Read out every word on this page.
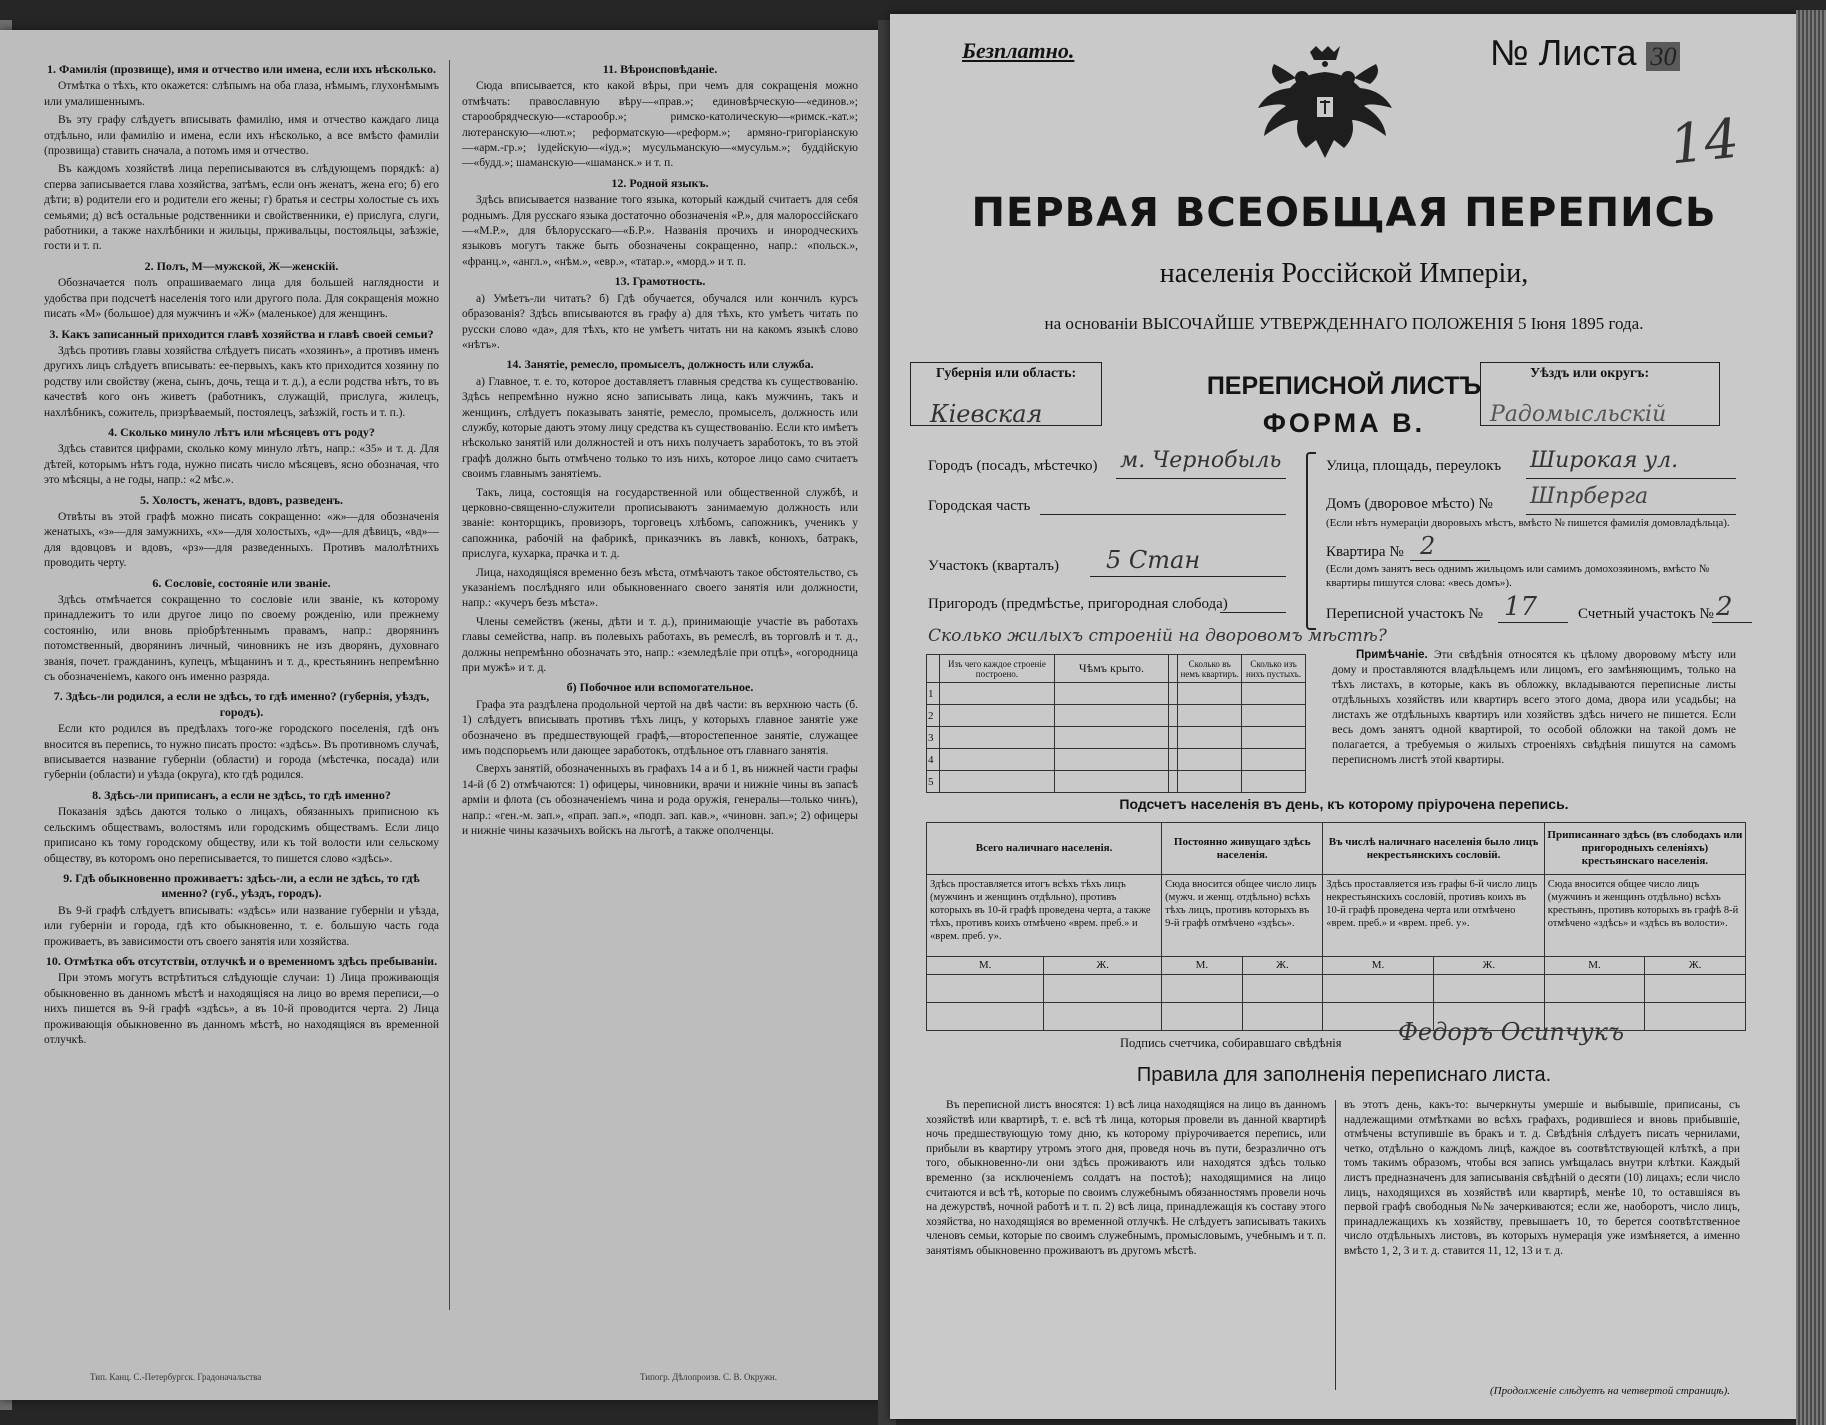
1. Фамилія (прозвище), имя и отчество или имена, если ихъ нѣсколько.

Отмѣтка о тѣхъ, кто окажется: слѣпымъ на оба глаза, нѣмымъ, глухонѣмымъ или умалишеннымъ.

Въ эту графу слѣдуетъ вписывать фамилію, имя и отчество каждаго лица отдѣльно, или фамилію и имена, если ихъ нѣсколько, а все вмѣсто фамиліи (прозвища) ставить сначала, а потомъ имя и отчество.

Въ каждомъ хозяйствѣ лица переписываются въ слѣдующемъ порядкѣ: а) сперва записывается глава хозяйства, затѣмъ, если онъ женатъ, жена его; б) его дѣти; в) родители его и родители его жены; г) братья и сестры холостые съ ихъ семьями; д) всѣ остальные родственники и свойственники, е) прислуга, слуги, работники, а также нахлѣбники и жильцы, прживальцы, постояльцы, заѣзжіе, гости и т. п.

2. Полъ, М—мужской, Ж—женскій.

Обозначается полъ опрашиваемаго лица для большей наглядности и удобства при подсчетѣ населенія того или другого пола. Для сокращенія можно писать «М» (большое) для мужчинъ и «Ж» (маленькое) для женщинъ.

3. Какъ записанный приходится главѣ хозяйства и главѣ своей семьи?

Здѣсь противъ главы хозяйства слѣдуетъ писать «хозяинъ», а противъ именъ другихъ лицъ слѣдуетъ вписывать: ее-первыхъ, какъ кто приходится хозяину по родству или свойству (жена, сынъ, дочь, теща и т. д.), а если родства нѣтъ, то въ качествѣ кого онъ живетъ (работникъ, служащій, прислуга, жилецъ, нахлѣбникъ, сожитель, призрѣваемый, постоялецъ, заѣзжій, гость и т. п.).

4. Сколько минуло лѣтъ или мѣсяцевъ отъ роду?

Здѣсь ставится цифрами, сколько кому минуло лѣтъ, напр.: «35» и т. д. Для дѣтей, которымъ нѣтъ года, нужно писать число мѣсяцевъ, ясно обозначая, что это мѣсяцы, а не годы, напр.: «2 мѣс.».

5. Холостъ, женатъ, вдовъ, разведенъ.

Отвѣты въ этой графѣ можно писать сокращенно: «ж»—для обозначенія женатыхъ, «з»—для замужнихъ, «х»—для холостыхъ, «д»—для дѣвицъ, «вд»—для вдовцовъ и вдовъ, «рз»—для разведенныхъ. Противъ малолѣтнихъ проводить черту.

6. Сословіе, состояніе или званіе.

Здѣсь отмѣчается сокращенно то сословіе или званіе, къ которому принадлежитъ то или другое лицо по своему рожденію, или прежнему состоянію, или вновь пріобрѣтеннымъ правамъ, напр.: дворянинъ потомственный, дворянинъ личный, чиновникъ не изъ дворянъ, духовнаго званія, почет. гражданинъ, купецъ, мѣщанинъ и т. д., крестьянинъ непремѣнно съ обозначеніемъ, какого онъ именно разряда.

7. Здѣсь-ли родился, а если не здѣсь, то гдѣ именно? (губернія, уѣздъ, городъ).

Если кто родился въ предѣлахъ того-же городского поселенія, гдѣ онъ вносится въ перепись, то нужно писать просто: «здѣсь». Въ противномъ случаѣ, вписывается название губерніи (области) и города (мѣстечка, посада) или губерніи (области) и уѣзда (округа), кто гдѣ родился.

8. Здѣсь-ли приписанъ, а если не здѣсь, то гдѣ именно?

Показанія здѣсь даются только о лицахъ, обязанныхъ приписною къ сельскимъ обществамъ, волостямъ или городскимъ обществамъ. Если лицо приписано къ тому городскому обществу, или къ той волости или сельскому обществу, въ которомъ оно переписывается, то пишется слово «здѣсь».

9. Гдѣ обыкновенно проживаетъ: здѣсь-ли, а если не здѣсь, то гдѣ именно? (губ., уѣздъ, городъ).

Въ 9-й графѣ слѣдуетъ вписывать: «здѣсь» или название губерніи и уѣзда, или губерніи и города, гдѣ кто обыкновенно, т. е. большую часть года проживаетъ, въ зависимости отъ своего занятія или хозяйства.

10. Отмѣтка объ отсутствіи, отлучкѣ и о временномъ здѣсь пребываніи.

При этомъ могутъ встрѣтиться слѣдующіе случаи: 1) Лица проживающія обыкновенно въ данномъ мѣстѣ и находящіяся на лицо во время переписи,—о нихъ пишется въ 9-й графѣ «здѣсь», а въ 10-й проводится черта. 2) Лица проживающія обыкновенно въ данномъ мѣстѣ, но находящіяся въ временной отлучкѣ.

11. Вѣроисповѣданіе.

Сюда вписывается, кто какой вѣры, при чемъ для сокращенія можно отмѣчать: православную вѣру—«прав.»; единовѣрческую—«единов.»; старообрядческую—«старообр.»; римско-католическую—«римск.-кат.»; лютеранскую—«лют.»; реформатскую—«реформ.»; армяно-григоріанскую—«арм.-гр.»; іудейскую—«іуд.»; мусульманскую—«мусульм.»; буддійскую—«будд.»; шаманскую—«шаманск.» и т. п.

12. Родной языкъ.

Здѣсь вписывается название того языка, который каждый считаетъ для себя роднымъ. Для русскаго языка достаточно обозначенія «Р.», для малороссійскаго—«М.Р.», для бѣлорусскаго—«Б.Р.». Названія прочихъ и инородческихъ языковъ могутъ также быть обозначены сокращенно, напр.: «польск.», «франц.», «англ.», «нѣм.», «евр.», «татар.», «морд.» и т. п.

13. Грамотность.

а) Умѣетъ-ли читать? б) Гдѣ обучается, обучался или кончилъ курсъ образованія? Здѣсь вписываются въ графу а) для тѣхъ, кто умѣетъ читать по русски слово «да», для тѣхъ, кто не умѣетъ читать ни на какомъ языкѣ слово «нѣтъ».

14. Занятіе, ремесло, промыселъ, должность или служба.

а) Главное, т. е. то, которое доставляетъ главныя средства къ существованію. Здѣсь непремѣнно нужно ясно записывать лица, какъ мужчинъ, такъ и женщинъ, слѣдуетъ показывать занятіе, ремесло, промыселъ, должность или службу, которые даютъ этому лицу средства къ существованію. Если кто имѣетъ нѣсколько занятій или должностей и отъ нихъ получаетъ заработокъ, то въ этой графѣ должно быть отмѣчено только то изъ нихъ, которое лицо само считаетъ своимъ главнымъ занятіемъ.

Такъ, лица, состоящія на государственной или общественной службѣ, и церковно-священно-служители прописываютъ занимаемую должность или званіе: конторщикъ, провизоръ, торговецъ хлѣбомъ, сапожникъ, ученикъ у сапожника, рабочій на фабрикѣ, приказчикъ въ лавкѣ, конюхъ, батракъ, прислуга, кухарка, прачка и т. д.

Лица, находящіяся временно безъ мѣста, отмѣчаютъ такое обстоятельство, съ указаніемъ послѣдняго или обыкновеннаго своего занятія или должности, напр.: «кучеръ безъ мѣста».

Члены семействъ (жены, дѣти и т. д.), принимающіе участіе въ работахъ главы семейства, напр. въ полевыхъ работахъ, въ ремеслѣ, въ торговлѣ и т. д., должны непремѣнно обозначать это, напр.: «земледѣліе при отцѣ», «огородница при мужѣ» и т. д.

б) Побочное или вспомогательное.

Графа эта раздѣлена продольной чертой на двѣ части: въ верхнюю часть (б. 1) слѣдуетъ вписывать противъ тѣхъ лицъ, у которыхъ главное занятіе уже обозначено въ предшествующей графѣ,—второстепенное занятіе, служащее имъ подспорьемъ или дающее заработокъ, отдѣльное отъ главнаго занятія.

Сверхъ занятій, обозначенныхъ въ графахъ 14 а и б 1, въ нижней части графы 14-й (б 2) отмѣчаются: 1) офицеры, чиновники, врачи и нижніе чины въ запасѣ арміи и флота (съ обозначеніемъ чина и рода оружія, генералы—только чинъ), напр.: «ген.-м. зап.», «прап. зап.», «подп. зап. кав.», «чиновн. зап.»; 2) офицеры и нижніе чины казачьихъ войскъ на льготѣ, а также ополченцы.

Тип. Канц. С.-Петербургск. Градоначальства	Типогр. Дѣлопроизв. С. В. Окружн.
Безплатно.	№ Листа 30
14
ПЕРВАЯ ВСЕОБЩАЯ ПЕРЕПИСЬ
населенія Россійской Имперіи,
на основаніи ВЫСОЧАЙШЕ УТВЕРЖДЕННАГО ПОЛОЖЕНІЯ 5 Іюня 1895 года.
Губернія или область:
Кіевская
ПЕРЕПИСНОЙ ЛИСТЪ
ФОРМА В.
Уѣздъ или округъ:
Радомысльскій
Городъ (посадъ, мѣстечко) м. Чернобыль
Городская часть
Участокъ (кварталъ) 5 Стан
Пригородъ (предмѣстье, пригородная слобода)
Улица, площадь, переулокъ Широкая ул.
Домъ (дворовое мѣсто) № Шпрберга
(Если нѣтъ нумераціи дворовыхъ мѣстъ, вмѣсто № пишется фамилія домовладѣльца).
Квартира № 2
(Если домъ занятъ весь однимъ жильцомъ или самимъ домохозяиномъ, вмѣсто № квартиры пишутся слова: «весь домъ»).
Переписной участокъ № 17	Счетный участокъ № 2
Сколько жилыхъ строеній на дворовомъ мѣстѣ?
	Изъ чего каждое строеніе построено.	Чѣмъ крыто.		Сколько въ немъ квартиръ.	Сколько изъ нихъ пустыхъ.
1					
2					
3					
4					
5					
Примѣчаніе. Эти свѣдѣнія относятся къ цѣлому дворовому мѣсту или дому и проставляются владѣльцемъ или лицомъ, его замѣняющимъ, только на тѣхъ листахъ, в которые, какъ въ обложку, вкладываются переписные листы отдѣльныхъ хозяйствъ или квартиръ всего этого дома, двора или усадьбы; на листахъ же отдѣльныхъ квартиръ или хозяйствъ здѣсь ничего не пишется. Если весь домъ занятъ одной квартирой, то особой обложки на такой домъ не полагается, а требуемыя о жилыхъ строеніяхъ свѣдѣнія пишутся на самомъ переписномъ листѣ этой квартиры.
Подсчетъ населенія въ день, къ которому пріурочена перепись.
Всего наличнаго населенія.		Постоянно живущаго здѣсь населенія.		Въ числѣ наличнаго населенія было лицъ некрестьянскихъ сословій.		Приписаннаго здѣсь (въ слободахъ или пригородныхъ селеніяхъ) крестьянскаго населенія.	
Здѣсь проставляется итогъ всѣхъ тѣхъ лицъ (мужчинъ и женщинъ отдѣльно), противъ которыхъ въ 10-й графѣ проведена черта, а также тѣхъ, противъ коихъ отмѣчено «врем. преб.» и «врем. преб. у».		Сюда вносится общее число лицъ (мужч. и женщ. отдѣльно) всѣхъ тѣхъ лицъ, противъ которыхъ въ 9-й графѣ отмѣчено «здѣсь».		Здѣсь проставляется изъ графы 6-й число лицъ некрестьянскихъ сословій, противъ коихъ въ 10-й графѣ проведена черта или отмѣчено «врем. преб.» и «врем. преб. у».		Сюда вносится общее число лицъ (мужчинъ и женщинъ отдѣльно) всѣхъ крестьянъ, противъ которыхъ въ графѣ 8-й отмѣчено «здѣсь» и «здѣсь въ волости».	
М.	Ж.	М.	Ж.	М.	Ж.	М.	Ж.

Подпись счетчика, собиравшаго свѣдѣнія Федоръ Осипчукъ
Правила для заполненія переписнаго листа.
Въ переписной листъ вносятся: 1) всѣ лица находящіяся на лицо въ данномъ хозяйствѣ или квартирѣ, т. е. всѣ тѣ лица, которыя провели въ данной квартирѣ ночь предшествующую тому дню, къ которому пріурочивается перепись, или прибыли въ квартиру утромъ этого дня, проведя ночь въ пути, безразлично отъ того, обыкновенно-ли они здѣсь проживаютъ или находятся здѣсь только временно (за исключеніемъ солдатъ на постоѣ); находящимися на лицо считаются и всѣ тѣ, которые по своимъ служебнымъ обязанностямъ провели ночь на дежурствѣ, ночной работѣ и т. п. 2) всѣ лица, принадлежащія къ составу этого хозяйства, но находящіяся во временной отлучкѣ. Не слѣдуетъ записывать такихъ членовъ семьи, которые по своимъ служебнымъ, промысловымъ, учебнымъ и т. п. занятіямъ обыкновенно проживаютъ въ другомъ мѣстѣ.
въ этотъ день, какъ-то: вычеркнуты умершіе и выбывшіе, приписаны, съ надлежащими отмѣтками во всѣхъ графахъ, родившіеся и вновь прибывшіе, отмѣчены вступившіе въ бракъ и т. д. Свѣдѣнія слѣдуетъ писать чернилами, четко, отдѣльно о каждомъ лицѣ, каждое въ соотвѣтствующей клѣткѣ, а при томъ такимъ образомъ, чтобы вся запись умѣщалась внутри клѣтки. Каждый листъ предназначенъ для записыванія свѣдѣній о десяти (10) лицахъ; если число лицъ, находящихся въ хозяйствѣ или квартирѣ, менѣе 10, то оставшіяся въ первой графѣ свободныя №№ зачеркиваются; если же, наоборотъ, число лицъ, принадлежащихъ къ хозяйству, превышаетъ 10, то берется соотвѣтственное число отдѣльныхъ листовъ, въ которыхъ нумерація уже измѣняется, а именно вмѣсто 1, 2, 3 и т. д. ставится 11, 12, 13 и т. д.
(Продолженіе слѣдуетъ на четвертой страницѣ).
